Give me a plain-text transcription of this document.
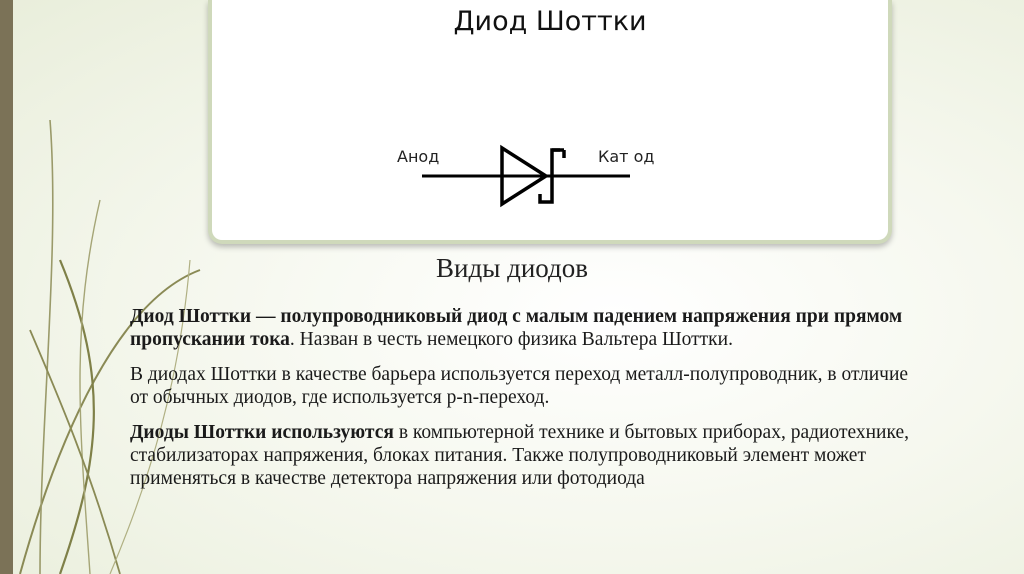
Диод Шоттки
Анод	Кат од
Виды диодов

Диод Шоттки — полупроводниковый диод с малым падением напряжения при прямом пропускании тока. Назван в честь немецкого физика Вальтера Шоттки.

В диодах Шоттки в качестве барьера используется переход металл-полупроводник, в отличие от обычных диодов, где используется p-n-переход.

Диоды Шоттки используются в компьютерной технике и бытовых приборах, радиотехнике, стабилизаторах напряжения, блоках питания. Также полупроводниковый элемент может применяться в качестве детектора напряжения или фотодиода
